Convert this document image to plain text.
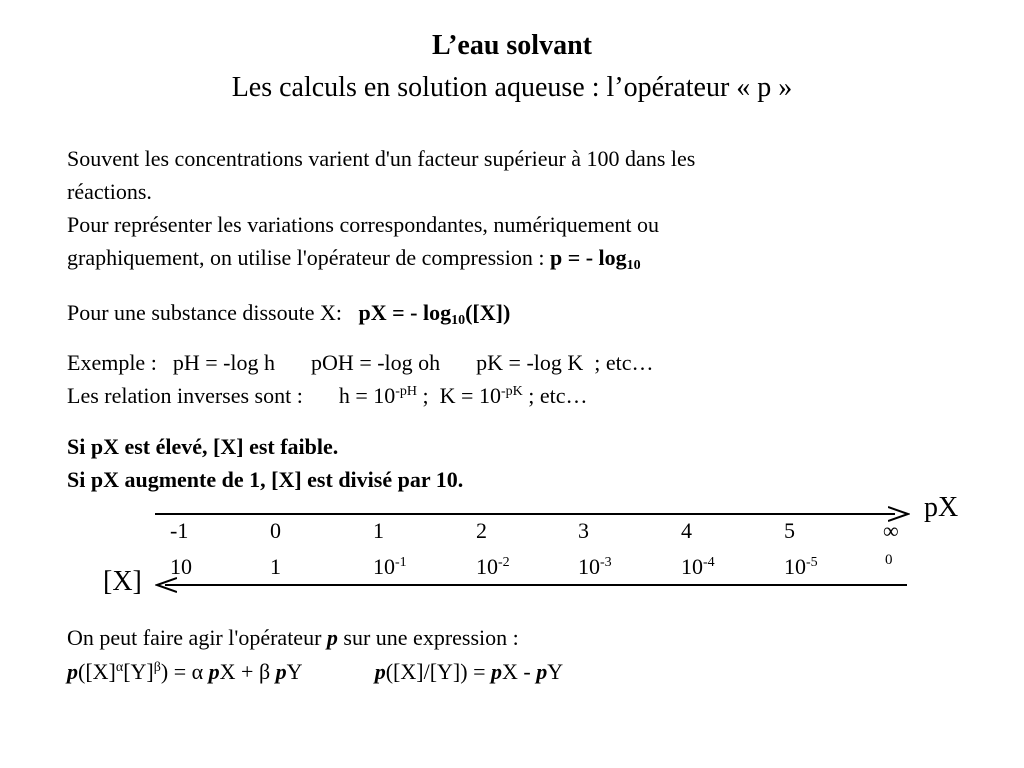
L’eau solvant
Les calculs en solution aqueuse : l’opérateur « p »
Souvent les concentrations varient d'un facteur supérieur à 100 dans les
réactions.
Pour représenter les variations correspondantes, numériquement ou
graphiquement, on utilise l'opérateur de compression : p = - $\log_{10}$
Pour une substance dissoute X: pX = - $\log_{10}([X])$
Exemple : pH = -log h pOH = -log oh pK = -log K ; etc…
Les relation inverses sont : $h = 10^{-pH}$ ; $K = 10^{-pK}$ ; etc…
Si pX est élevé, [X] est faible.
Si pX augmente de 1, [X] est divisé par 10.
pX
[X]
-1	0	1	2	3	4	5	∞
10	1	$10^{-1}$	$10^{-2}$	$10^{-3}$	$10^{-4}$	$10^{-5}$	0
On peut faire agir l'opérateur p sur une expression :
$p([X]^\alpha[Y]^\beta) = \alpha$ pX + β pY	p([X]/[Y]) = pX - pY
